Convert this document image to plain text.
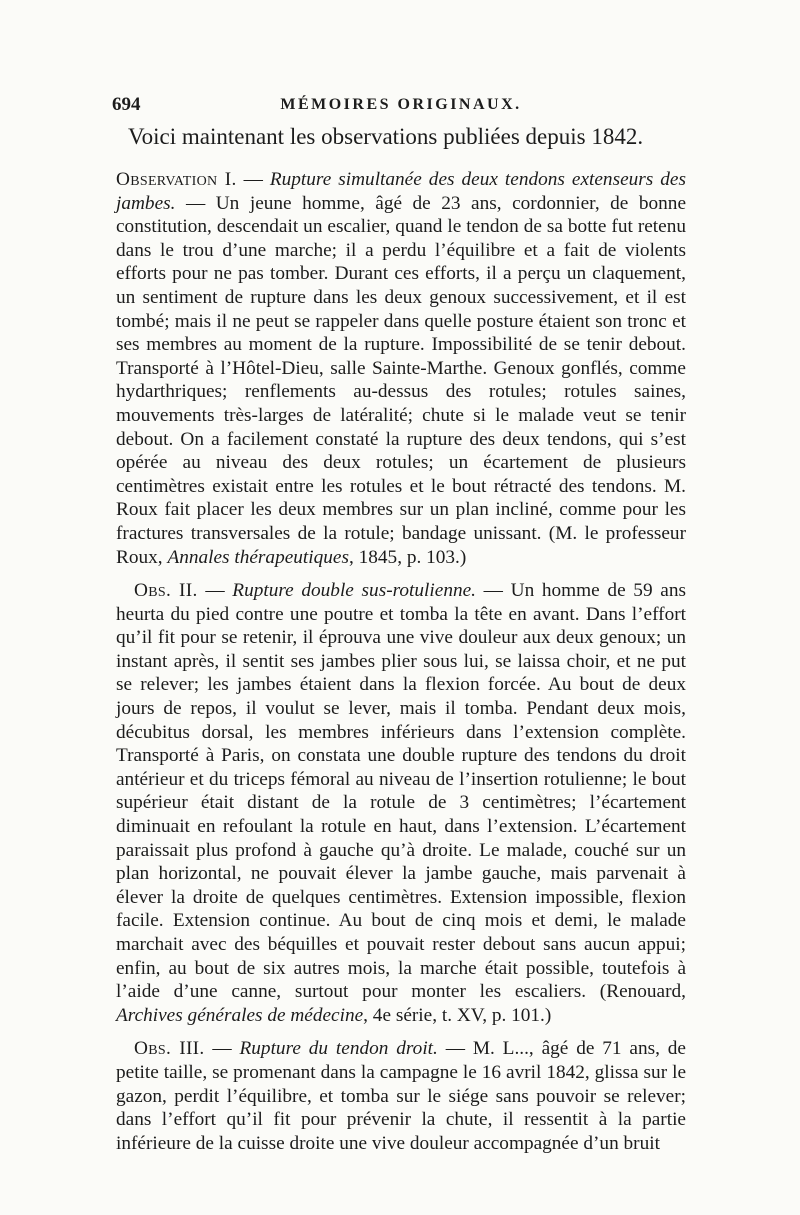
694	MÉMOIRES ORIGINAUX.
Voici maintenant les observations publiées depuis 1842.

Observation I. — Rupture simultanée des deux tendons extenseurs des jambes. — Un jeune homme, âgé de 23 ans, cordonnier, de bonne constitution, descendait un escalier, quand le tendon de sa botte fut retenu dans le trou d’une marche; il a perdu l’équilibre et a fait de violents efforts pour ne pas tomber. Durant ces efforts, il a perçu un claquement, un sentiment de rupture dans les deux genoux successivement, et il est tombé; mais il ne peut se rappeler dans quelle posture étaient son tronc et ses membres au moment de la rupture. Impossibilité de se tenir debout. Transporté à l’Hôtel-Dieu, salle Sainte-Marthe. Genoux gonflés, comme hydarthriques; renflements au-dessus des rotules; rotules saines, mouvements très-larges de latéralité; chute si le malade veut se tenir debout. On a facilement constaté la rupture des deux tendons, qui s’est opérée au niveau des deux rotules; un écartement de plusieurs centimètres existait entre les rotules et le bout rétracté des tendons. M. Roux fait placer les deux membres sur un plan incliné, comme pour les fractures transversales de la rotule; bandage unissant. (M. le professeur Roux, Annales thérapeutiques, 1845, p. 103.)

Obs. II. — Rupture double sus-rotulienne. — Un homme de 59 ans heurta du pied contre une poutre et tomba la tête en avant. Dans l’effort qu’il fit pour se retenir, il éprouva une vive douleur aux deux genoux; un instant après, il sentit ses jambes plier sous lui, se laissa choir, et ne put se relever; les jambes étaient dans la flexion forcée. Au bout de deux jours de repos, il voulut se lever, mais il tomba. Pendant deux mois, décubitus dorsal, les membres inférieurs dans l’extension complète. Transporté à Paris, on constata une double rupture des tendons du droit antérieur et du triceps fémoral au niveau de l’insertion rotulienne; le bout supérieur était distant de la rotule de 3 centimètres; l’écartement diminuait en refoulant la rotule en haut, dans l’extension. L’écartement paraissait plus profond à gauche qu’à droite. Le malade, couché sur un plan horizontal, ne pouvait élever la jambe gauche, mais parvenait à élever la droite de quelques centimètres. Extension impossible, flexion facile. Extension continue. Au bout de cinq mois et demi, le malade marchait avec des béquilles et pouvait rester debout sans aucun appui; enfin, au bout de six autres mois, la marche était possible, toutefois à l’aide d’une canne, surtout pour monter les escaliers. (Renouard, Archives générales de médecine, 4e série, t. XV, p. 101.)

Obs. III. — Rupture du tendon droit. — M. L..., âgé de 71 ans, de petite taille, se promenant dans la campagne le 16 avril 1842, glissa sur le gazon, perdit l’équilibre, et tomba sur le siége sans pouvoir se relever; dans l’effort qu’il fit pour prévenir la chute, il ressentit à la partie inférieure de la cuisse droite une vive douleur accompagnée d’un bruit
